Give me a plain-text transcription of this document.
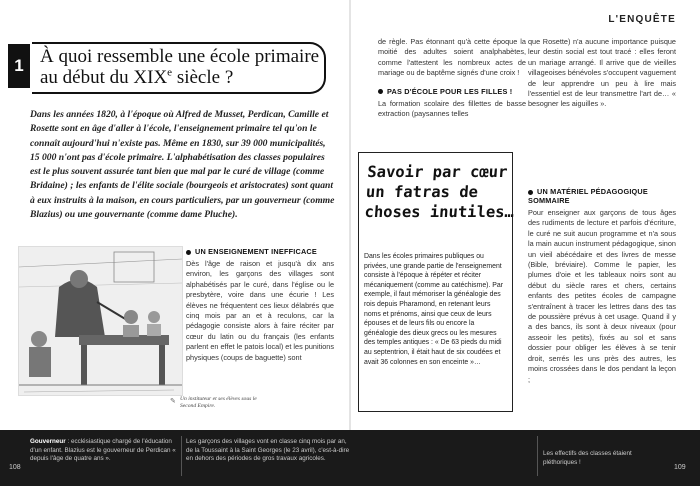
L'ENQUÊTE
1 À quoi ressemble une école primaire au début du XIXe siècle ?
Dans les années 1820, à l'époque où Alfred de Musset, Perdican, Camille et Rosette sont en âge d'aller à l'école, l'enseignement primaire tel qu'on le connaît aujourd'hui n'existe pas. Même en 1830, sur 39 000 municipalités, 15 000 n'ont pas d'école primaire. L'alphabétisation des classes populaires est le plus souvent assurée tant bien que mal par le curé de village (comme Bridaine) ; les enfants de l'élite sociale (bourgeois et aristocrates) sont quant à eux instruits à la maison, en cours particuliers, par un gouverneur (comme Blazius) ou une gouvernante (comme dame Pluche).
✎ Un instituteur et ses élèves sous le Second Empire.
UN ENSEIGNEMENT INEFFICACE
Dès l'âge de raison et jusqu'à dix ans environ, les garçons des villages sont alphabétisés par le curé, dans l'église ou le presbytère, voire dans une écurie ! Les élèves ne fréquentent ces lieux délabrés que cinq mois par an et à reculons, car la pédagogie consiste alors à faire réciter par cœur du latin ou du français (les enfants parlent en effet le patois local) et les punitions physiques (coups de baguette) sont
de règle. Pas étonnant qu'à cette époque la moitié des adultes soient analphabètes, comme l'attestent les nombreux actes de mariage ou de baptême signés d'une croix !
PAS D'ÉCOLE POUR LES FILLES !
La formation scolaire des fillettes de basse extraction (paysannes telles
que Rosette) n'a aucune importance puisque leur destin social est tout tracé : elles feront un mariage arrangé. Il arrive que de vieilles villageoises bénévoles s'occupent vaguement de leur apprendre un peu à lire mais l'essentiel est de leur transmettre l'art de… « besogner les aiguilles ».
UN MATÉRIEL PÉDAGOGIQUE SOMMAIRE
Pour enseigner aux garçons de tous âges des rudiments de lecture et parfois d'écriture, le curé ne suit aucun programme et n'a sous la main aucun instrument pédagogique, sinon un vieil abécédaire et des livres de messe (Bible, bréviaire). Comme le papier, les plumes d'oie et les tableaux noirs sont au début du siècle rares et chers, certains enfants des petites écoles de campagne s'entraînent à tracer les lettres dans des tas de poussière prévus à cet usage. Quand il y a des bancs, ils sont à deux niveaux (pour asseoir les petits), fixés au sol et sans dossier pour obliger les élèves à se tenir droit, serrés les uns près des autres, les moins crossées dans le dos pendant la leçon ;
Savoir par cœur un fatras de choses inutiles…
Dans les écoles primaires publiques ou privées, une grande partie de l'enseignement consiste à l'époque à répéter et réciter mécaniquement (comme au catéchisme). Par exemple, il faut mémoriser la généalogie des rois depuis Pharamond, en retenant leurs noms et prénoms, ainsi que ceux de leurs épouses et de leurs fils ou encore la généalogie des dieux grecs ou les mesures des temples antiques : « De 63 pieds du midi au septentrion, il était haut de six coudées et avait 36 colonnes en son enceinte »…
Gouverneur : ecclésiastique chargé de l'éducation d'un enfant. Blazius est le gouverneur de Perdican « depuis l'âge de quatre ans ».
Les garçons des villages vont en classe cinq mois par an, de la Toussaint à la Saint Georges (le 23 avril), c'est-à-dire en dehors des périodes de gros travaux agricoles.
Les effectifs des classes étaient pléthoriques !
108	109
